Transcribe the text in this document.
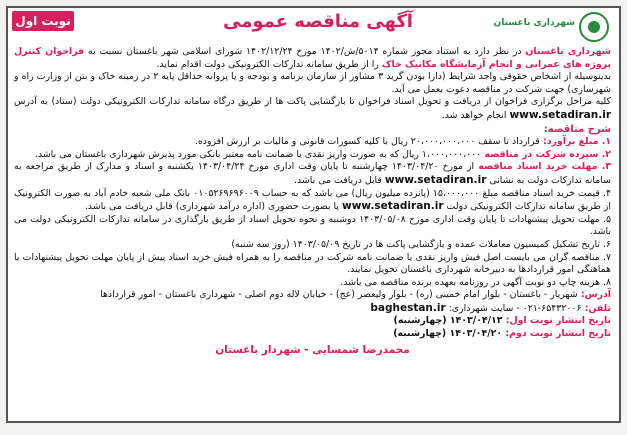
نوبت اول	آگهی مناقصه عمومی	شهرداری باغستان

شهرداری باغستان در نظر دارد به استناد مجوز شماره ۵۰۱۴/ش/۱۴۰۲ مورخ ۱۴۰۲/۱۲/۲۴ شورای اسلامی شهر باغستان نسبت به فراخوان کنترل پروژه های عمرانی و انجام آزمایشگاه مکانیک خاک را از طریق سامانه تدارکات الکترونیکی دولت اقدام نماید.

بدینوسیله از اشخاص حقوقی واجد شرایط (دارا بودن گرید ۳ مشاور از سازمان برنامه و بودجه و یا پروانه حداقل پایه ۲ در زمینه خاک و بتن از وزارت راه و شهرسازی) جهت شرکت در مناقصه دعوت بعمل می آید.

کلیه مراحل برگزاری فراخوان از دریافت و تحویل اسناد فراخوان تا بازگشایی پاکت ها از طریق درگاه سامانه تدارکات الکترونیکی دولت (ستاد) به آدرس www.setadiran.ir انجام خواهد شد.

شرح مناقصه:

۱. مبلغ برآورد: قرارداد تا سقف ۲۰،۰۰۰،۰۰۰،۰۰۰ ریال با کلیه کسورات قانونی و مالیات بر ارزش افزوده.

۲. سپرده شرکت در مناقصه ۱،۰۰۰،۰۰۰،۰۰۰ ریال که به صورت واریز نقدی یا ضمانت نامه معتبر بانکی مورد پذیرش شهرداری باغستان می باشد.

۳. مهلت خرید اسناد مناقصه از مورخ ۱۴۰۳/۰۴/۲۰ چهارشنبه تا پایان وقت اداری مورخ ۱۴۰۳/۰۴/۲۴ یکشنبه و اسناد و مدارک از طریق مراجعه به سامانه تدارکات دولت به نشانی www.setadiran.ir قابل دریافت می باشد.

۴. قیمت خرید اسناد مناقصه مبلغ ۱۵،۰۰۰،۰۰۰ (پانزده میلیون ریال) می باشد که به حساب ۰۱۰۵۲۶۹۶۹۶۰۰۹ بانک ملی شعبه خادم آباد به صورت الکترونیک از طریق سامانه تدارکات الکترونیکی دولت www.setadiran.ir یا بصورت حضوری (اداره درآمد شهرداری) قابل دریافت می باشد.

۵. مهلت تحویل پیشنهادات تا پایان وقت اداری مورخ ۱۴۰۳/۰۵/۰۸ دوشنبه و نحوه تحویل اسناد از طریق بارگذاری در سامانه تدارکات الکترونیکی دولت می باشد.

۶. تاریخ تشکیل کمیسیون معاملات عمده و بازگشایی پاکت ها در تاریخ ۱۴۰۳/۰۵/۰۹ (روز سه شنبه)

۷. مناقصه گران می بایست اصل فیش واریز نقدی یا ضمانت نامه شرکت در مناقصه را به همراه فیش خرید اسناد پیش از پایان مهلت تحویل پیشنهادات با هماهنگی امور قراردادها به دبیرخانه شهرداری باغستان تحویل نمایند.

۸. هزینه چاپ دو نوبت آگهی در روزنامه بعهده برنده مناقصه می باشد.

آدرس: شهریار - باغستان - بلوار امام خمینی (ره) - بلوار ولیعصر (عج) - خیابان لاله دوم اصلی - شهرداری باغستان - امور قراردادها

تلفن: ۶۵۴۳۲۰۰۶-۰۲۱ - سایت شهرداری: baghestan.ir

تاریخ انتشار نوبت اول: ۱۴۰۳/۰۴/۱۳ (چهارشنبه)

تاریخ انتشار نوبت دوم: ۱۴۰۳/۰۴/۲۰ (چهارشنبه)

محمدرضا شمسایی - شهردار باغستان
